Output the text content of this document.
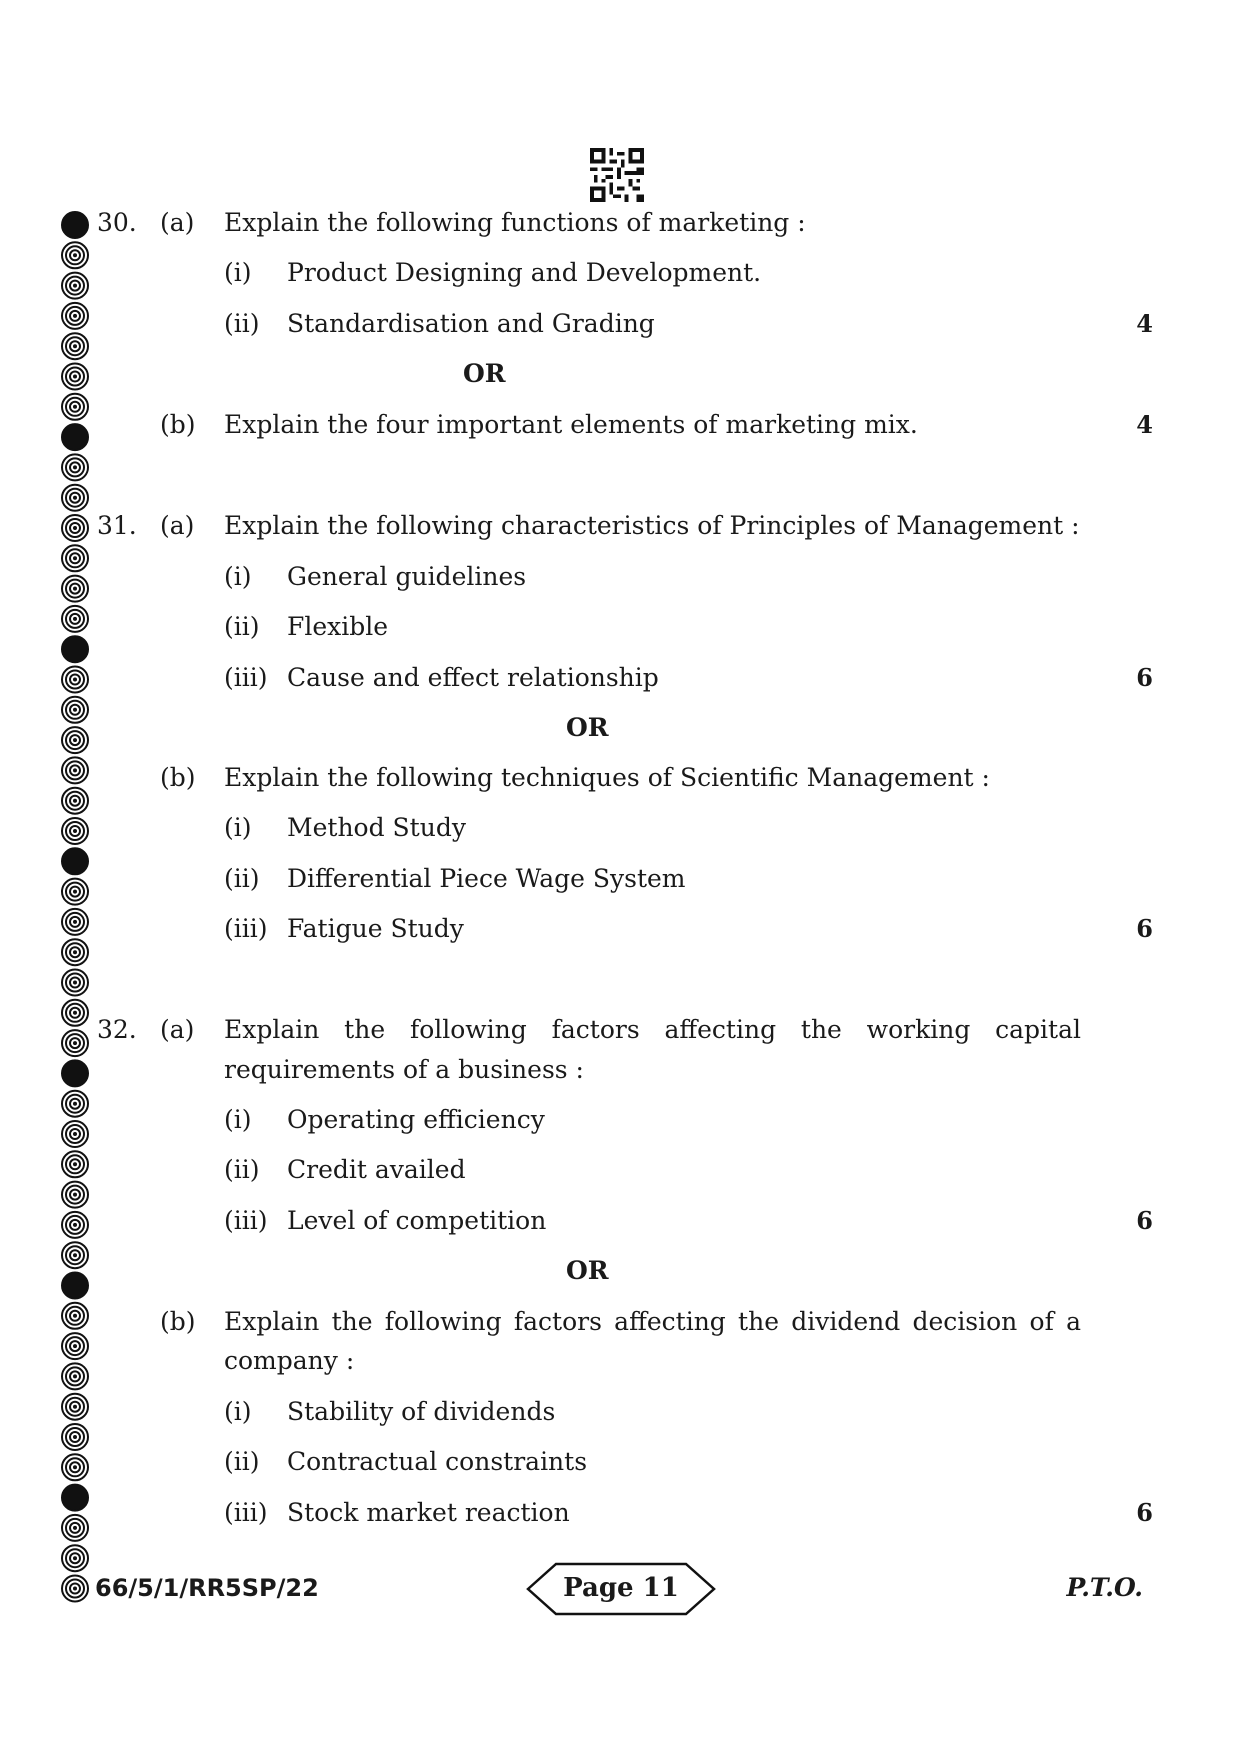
30. (a) Explain the following functions of marketing :
(i) Product Designing and Development.
(ii) Standardisation and Grading	4
OR
(b) Explain the four important elements of marketing mix.	4
31. (a) Explain the following characteristics of Principles of Management :
(i) General guidelines
(ii) Flexible
(iii) Cause and effect relationship	6
OR
(b) Explain the following techniques of Scientific Management :
(i) Method Study
(ii) Differential Piece Wage System
(iii) Fatigue Study	6
32. (a) Explain the following factors affecting the working capital
requirements of a business :
(i) Operating efficiency
(ii) Credit availed
(iii) Level of competition	6
OR
(b) Explain the following factors affecting the dividend decision of a
company :
(i) Stability of dividends
(ii) Contractual constraints
(iii) Stock market reaction	6
66/5/1/RR5SP/22	Page 11	P.T.O.
